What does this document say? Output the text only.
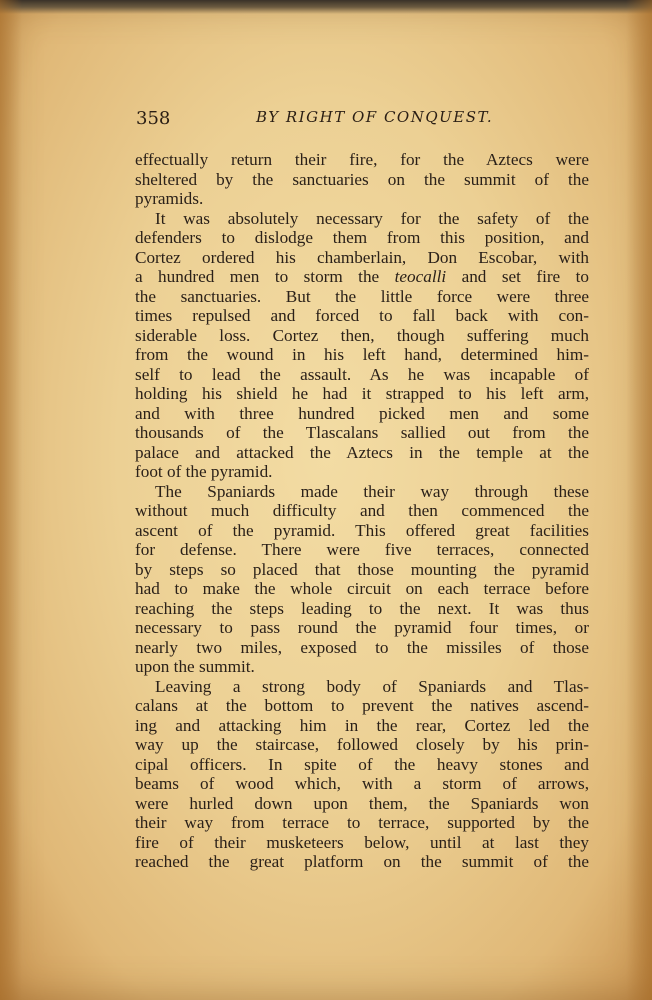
358	BY RIGHT OF CONQUEST.
effectually return their fire, for the Aztecs were
sheltered by the sanctuaries on the summit of the
pyramids.
It was absolutely necessary for the safety of the
defenders to dislodge them from this position, and
Cortez ordered his chamberlain, Don Escobar, with
a hundred men to storm the teocalli and set fire to
the sanctuaries. But the little force were three
times repulsed and forced to fall back with con-
siderable loss. Cortez then, though suffering much
from the wound in his left hand, determined him-
self to lead the assault. As he was incapable of
holding his shield he had it strapped to his left arm,
and with three hundred picked men and some
thousands of the Tlascalans sallied out from the
palace and attacked the Aztecs in the temple at the
foot of the pyramid.
The Spaniards made their way through these
without much difficulty and then commenced the
ascent of the pyramid. This offered great facilities
for defense. There were five terraces, connected
by steps so placed that those mounting the pyramid
had to make the whole circuit on each terrace before
reaching the steps leading to the next. It was thus
necessary to pass round the pyramid four times, or
nearly two miles, exposed to the missiles of those
upon the summit.
Leaving a strong body of Spaniards and Tlas-
calans at the bottom to prevent the natives ascend-
ing and attacking him in the rear, Cortez led the
way up the staircase, followed closely by his prin-
cipal officers. In spite of the heavy stones and
beams of wood which, with a storm of arrows,
were hurled down upon them, the Spaniards won
their way from terrace to terrace, supported by the
fire of their musketeers below, until at last they
reached the great platform on the summit of the
